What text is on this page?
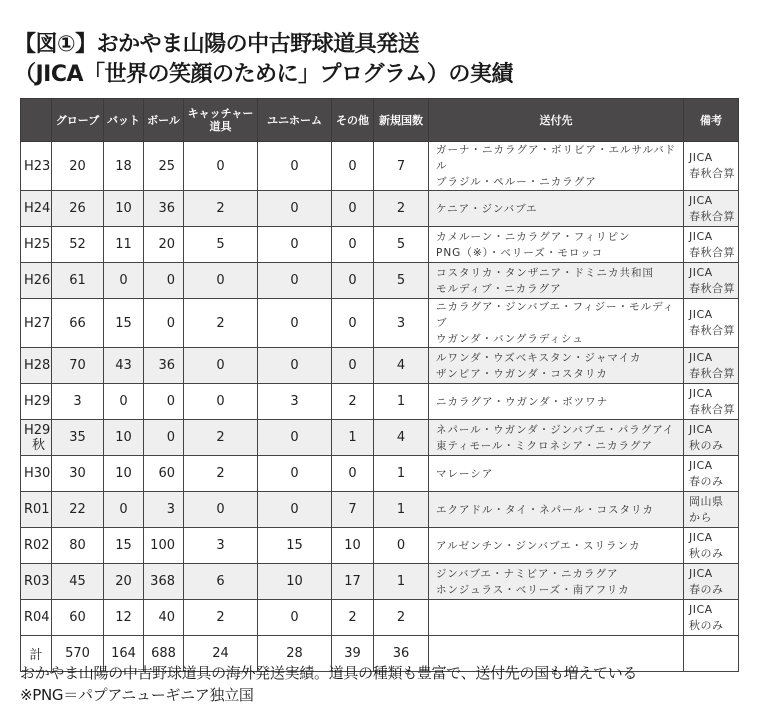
【図①】おかやま山陽の中古野球道具発送
（JICA「世界の笑顔のために」プログラム）の実績
	グローブ	バット	ボール	キャッチャー
道具	ユニホーム	その他	新規国数	送付先	備考
H23	20	18	25	0	0	0	7	ガーナ・ニカラグア・ボリビア・エルサルバドル
ブラジル・ペルー・ニカラグア	JICA
春秋合算
H24	26	10	36	2	0	0	2	ケニア・ジンバブエ	JICA
春秋合算
H25	52	11	20	5	0	0	5	カメルーン・ニカラグア・フィリピン
PNG（※）・ベリーズ・モロッコ	JICA
春秋合算
H26	61	0	0	0	0	0	5	コスタリカ・タンザニア・ドミニカ共和国
モルディブ・ニカラグア	JICA
春秋合算
H27	66	15	0	2	0	0	3	ニカラグア・ジンバブエ・フィジー・モルディブ
ウガンダ・バングラディシュ	JICA
春秋合算
H28	70	43	36	0	0	0	4	ルワンダ・ウズベキスタン・ジャマイカ
ザンビア・ウガンダ・コスタリカ	JICA
春秋合算
H29	3	0	0	0	3	2	1	ニカラグア・ウガンダ・ボツワナ	JICA
春秋合算
H29
秋	35	10	0	2	0	1	4	ネパール・ウガンダ・ジンバブエ・パラグアイ
東ティモール・ミクロネシア・ニカラグア	JICA
秋のみ
H30	30	10	60	2	0	0	1	マレーシア	JICA
春のみ
R01	22	0	3	0	0	7	1	エクアドル・タイ・ネパール・コスタリカ	岡山県
から
R02	80	15	100	3	15	10	0	アルゼンチン・ジンバブエ・スリランカ	JICA
秋のみ
R03	45	20	368	6	10	17	1	ジンバブエ・ナミビア・ニカラグア
ホンジュラス・ベリーズ・南アフリカ	JICA
春のみ
R04	60	12	40	2	0	2	2		JICA
秋のみ
計	570	164	688	24	28	39	36		
おかやま山陽の中古野球道具の海外発送実績。道具の種類も豊富で、送付先の国も増えている
※PNG＝パプアニューギニア独立国
